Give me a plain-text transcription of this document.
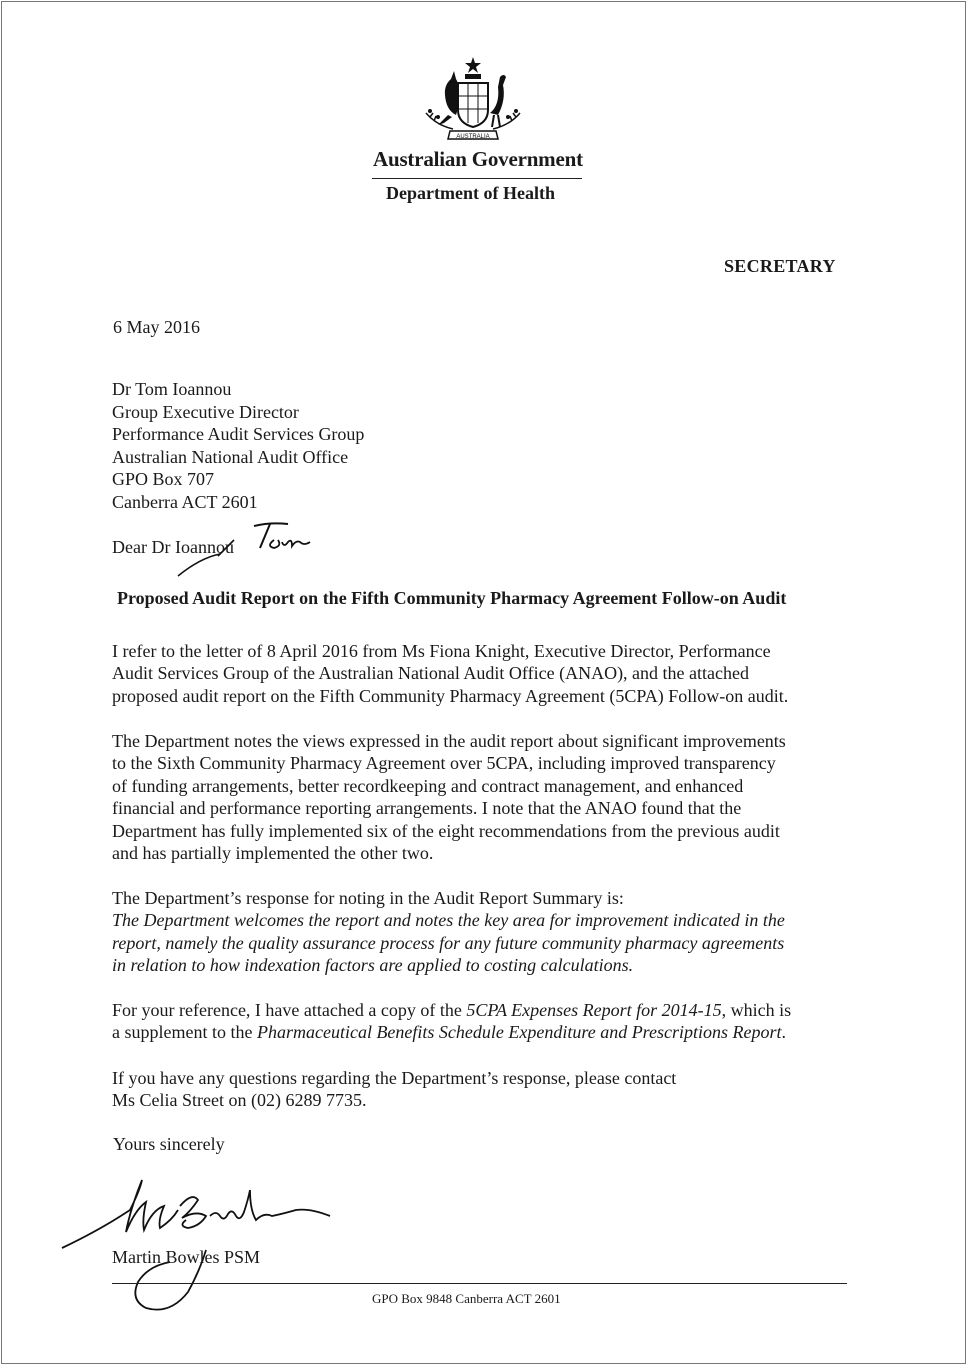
AUSTRALIA
Australian Government
Department of Health
SECRETARY
6 May 2016
Dr Tom Ioannou
Group Executive Director
Performance Audit Services Group
Australian National Audit Office
GPO Box 707
Canberra ACT 2601
Dear Dr Ioannou
Tom
Proposed Audit Report on the Fifth Community Pharmacy Agreement Follow-on Audit
I refer to the letter of 8 April 2016 from Ms Fiona Knight, Executive Director, Performance
Audit Services Group of the Australian National Audit Office (ANAO), and the attached
proposed audit report on the Fifth Community Pharmacy Agreement (5CPA) Follow-on audit.
The Department notes the views expressed in the audit report about significant improvements
to the Sixth Community Pharmacy Agreement over 5CPA, including improved transparency
of funding arrangements, better recordkeeping and contract management, and enhanced
financial and performance reporting arrangements. I note that the ANAO found that the
Department has fully implemented six of the eight recommendations from the previous audit
and has partially implemented the other two.
The Department’s response for noting in the Audit Report Summary is:
The Department welcomes the report and notes the key area for improvement indicated in the
report, namely the quality assurance process for any future community pharmacy agreements
in relation to how indexation factors are applied to costing calculations.
For your reference, I have attached a copy of the 5CPA Expenses Report for 2014-15, which is
a supplement to the Pharmaceutical Benefits Schedule Expenditure and Prescriptions Report.
If you have any questions regarding the Department’s response, please contact
Ms Celia Street on (02) 6289 7735.
Yours sincerely
Martin Bowles PSM
GPO Box 9848 Canberra ACT 2601
